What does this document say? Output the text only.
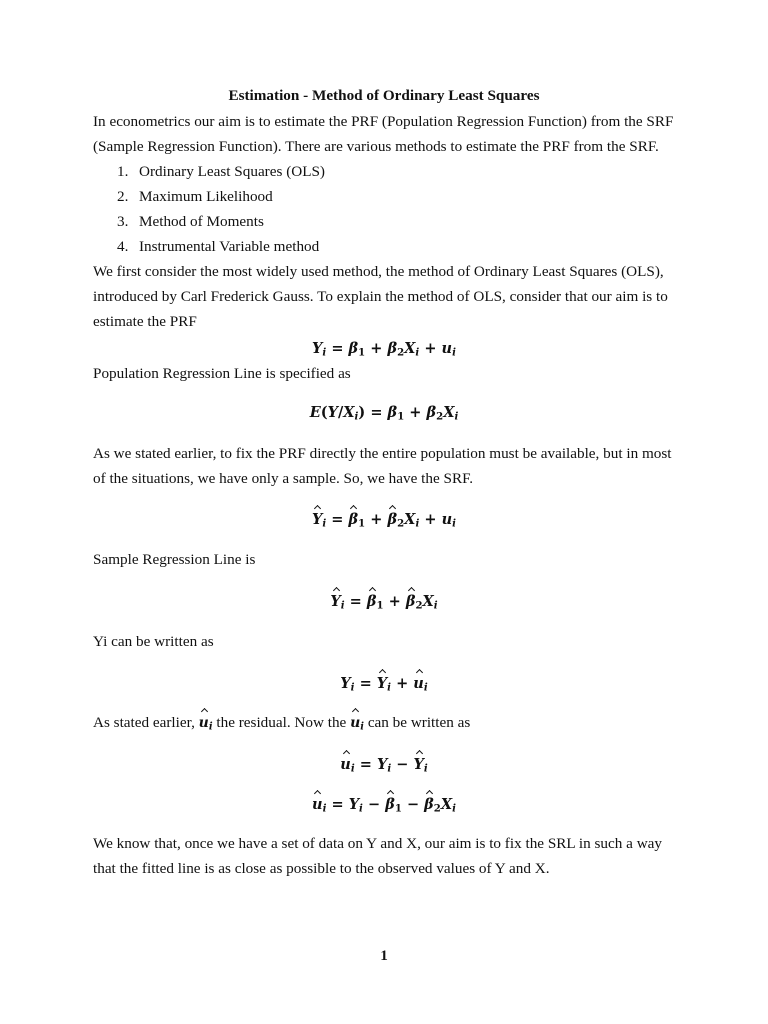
Estimation - Method of Ordinary Least Squares
In econometrics our aim is to estimate the PRF (Population Regression Function) from the SRF
(Sample Regression Function). There are various methods to estimate the PRF from the SRF.
1. Ordinary Least Squares (OLS)
2. Maximum Likelihood
3. Method of Moments
4. Instrumental Variable method
We first consider the most widely used method, the method of Ordinary Least Squares (OLS),
introduced by Carl Frederick Gauss. To explain the method of OLS, consider that our aim is to
estimate the PRF
$Y_i = \beta_1 + \beta_2X_i + u_i$
Population Regression Line is specified as
$E(Y/X_i) = \beta_1 + \beta_2X_i$
As we stated earlier, to fix the PRF directly the entire population must be available, but in most
of the situations, we have only a sample. So, we have the SRF.
$Y_i = \beta_1 + \beta_2X_i + u_i$
Sample Regression Line is
$Y_i = \beta_1 + \beta_2X_i$
Yi can be written as
$Y_i = Y_i + u_i$
As stated earlier, $u_i$ the residual. Now the $u_i$ can be written as
$u_i = Y_i - Y_i$
$u_i = Y_i - \beta_1 - \beta_2X_i$
We know that, once we have a set of data on Y and X, our aim is to fix the SRL in such a way
that the fitted line is as close as possible to the observed values of Y and X.
1
